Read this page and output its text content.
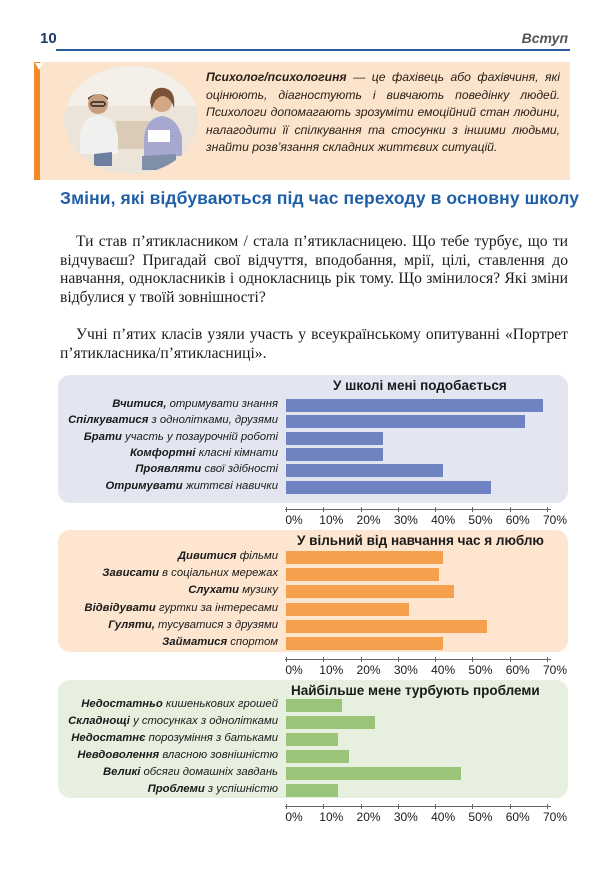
10	Вступ
Психолог/психологиня — це фахівець або фахівчиня, які оцінюють, діагностують і вивчають поведінку людей. Психологи допомагають зрозуміти емоційний стан людини, налагодити її спілкування та стосунки з іншими людьми, знайти розв’язання складних життєвих ситуацій.
Зміни, які відбуваються під час переходу в основну школу
Ти став п’ятикласником / стала п’ятикласницею. Що тебе турбує, що ти відчуваєш? Пригадай свої відчуття, вподобання, мрії, цілі, ставлення до навчання, однокласників і однокласниць рік тому. Що змінилося? Які зміни відбулися у твоїй зовнішності?
Учні п’ятих класів узяли участь у всеукраїнському опитуванні «Портрет п’ятикласника/п’ятикласниці».
У школі мені подобається
Вчитися, отримувати знання
Спілкуватися з однолітками, друзями
Брати участь у позаурочній роботі
Комфортні класні кімнати
Проявляти свої здібності
Отримувати життєві навички
0%	10%	20%	30%	40%	50%	60%	70%
У вільний від навчання час я люблю
Дивитися фільми
Зависати в соціальних мережах
Слухати музику
Відвідувати гуртки за інтересами
Гуляти, тусуватися з друзями
Займатися спортом
0%	10%	20%	30%	40%	50%	60%	70%
Найбільше мене турбують проблеми
Недостатньо кишенькових грошей
Складнощі у стосунках з однолітками
Недостатнє порозуміння з батьками
Невдоволення власною зовнішністю
Великі обсяги домашніх завдань
Проблеми з успішністю
0%	10%	20%	30%	40%	50%	60%	70%
